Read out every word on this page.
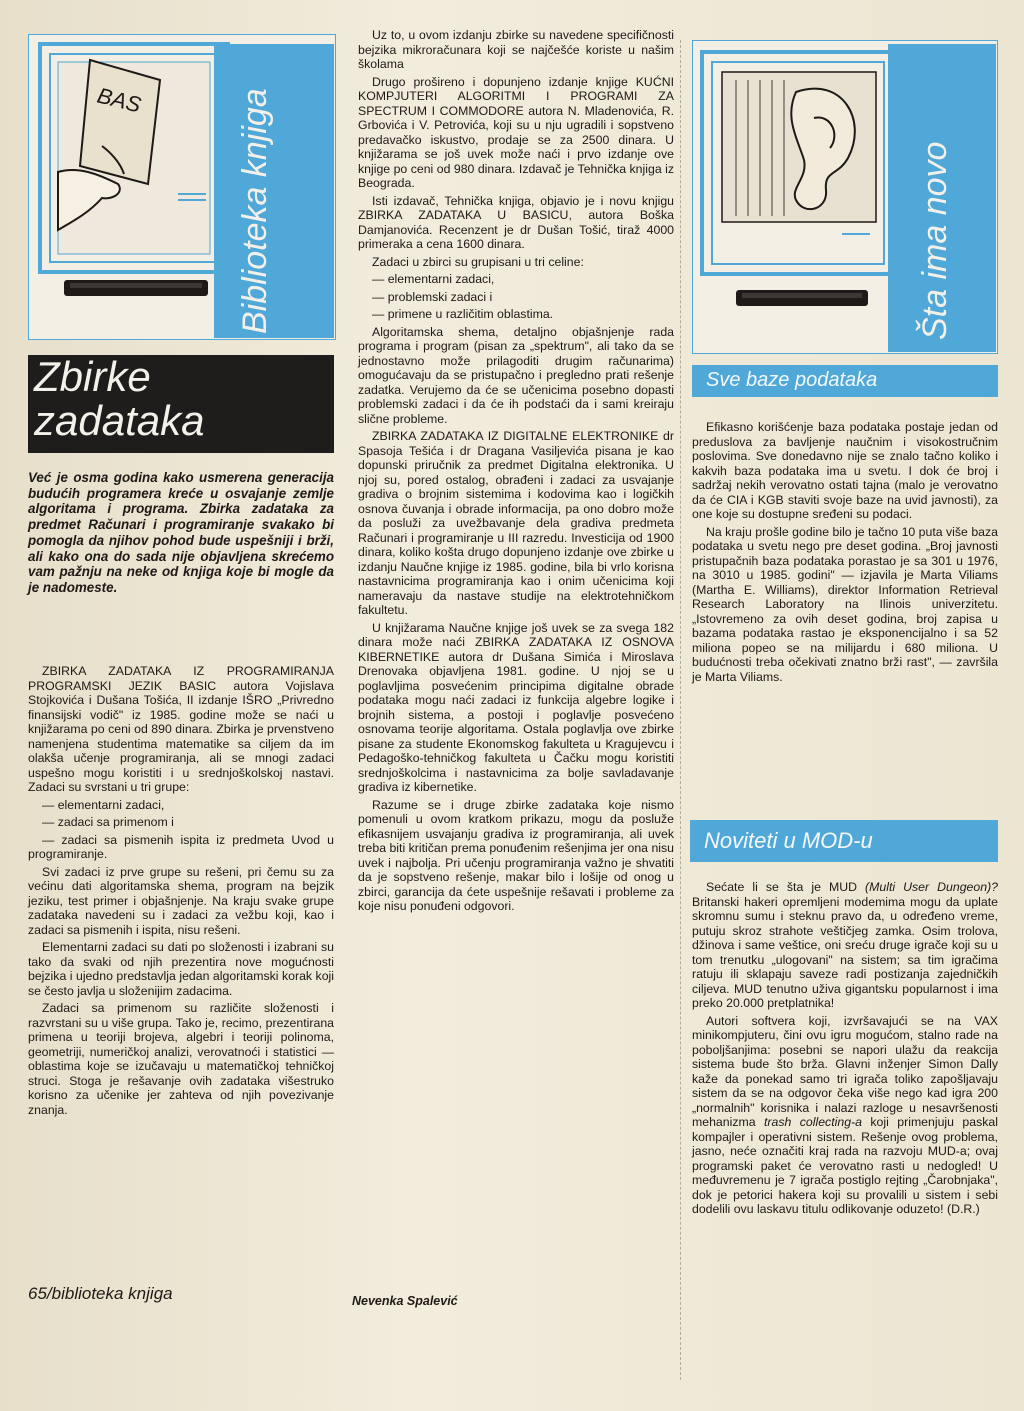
BAS	Biblioteka knjiga
Zbirke
zadataka
Već je osma godina kako usmerena generacija budućih programera kreće u osvajanje zemlje algoritama i programa. Zbirka zadataka za predmet Računari i programiranje svakako bi pomogla da njihov pohod bude uspešniji i brži, ali kako ona do sada nije objavljena skrećemo vam pažnju na neke od knjiga koje bi mogle da je nadomeste.

ZBIRKA ZADATAKA IZ PROGRAMIRANJA PROGRAMSKI JEZIK BASIC autora Vojislava Stojkovića i Dušana Tošića, II izdanje IŠRO „Privredno finansijski vodič" iz 1985. godine može se naći u knjižarama po ceni od 890 dinara. Zbirka je prvenstveno namenjena studentima matematike sa ciljem da im olakša učenje programiranja, ali se mnogi zadaci uspešno mogu koristiti i u srednjoškolskoj nastavi. Zadaci su svrstani u tri grupe:

— elementarni zadaci,

— zadaci sa primenom i

— zadaci sa pismenih ispita iz predmeta Uvod u programiranje.

Svi zadaci iz prve grupe su rešeni, pri čemu su za većinu dati algoritamska shema, program na bejzik jeziku, test primer i objašnjenje. Na kraju svake grupe zadataka navedeni su i zadaci za vežbu koji, kao i zadaci sa pismenih i ispita, nisu rešeni.

Elementarni zadaci su dati po složenosti i izabrani su tako da svaki od njih prezentira nove mogućnosti bejzika i ujedno predstavlja jedan algoritamski korak koji se često javlja u složenijim zadacima.

Zadaci sa primenom su različite složenosti i razvrstani su u više grupa. Tako je, recimo, prezentirana primena u teoriji brojeva, algebri i teoriji polinoma, geometriji, numeričkoj analizi, verovatnoći i statistici — oblastima koje se izučavaju u matematičkoj tehničkoj struci. Stoga je rešavanje ovih zadataka višestruko korisno za učenike jer zahteva od njih povezivanje znanja.

Uz to, u ovom izdanju zbirke su navedene specifičnosti bejzika mikroračunara koji se najčešće koriste u našim školama

Drugo prošireno i dopunjeno izdanje knjige KUĆNI KOMPJUTERI ALGORITMI I PROGRAMI ZA SPECTRUM I COMMODORE autora N. Mladenovića, R. Grbovića i V. Petrovića, koji su u nju ugradili i sopstveno predavačko iskustvo, prodaje se za 2500 dinara. U knjižarama se još uvek može naći i prvo izdanje ove knjige po ceni od 980 dinara. Izdavač je Tehnička knjiga iz Beograda.

Isti izdavač, Tehnička knjiga, objavio je i novu knjigu ZBIRKA ZADATAKA U BASICU, autora Boška Damjanovića. Recenzent je dr Dušan Tošić, tiraž 4000 primeraka a cena 1600 dinara.

Zadaci u zbirci su grupisani u tri celine:

— elementarni zadaci,

— problemski zadaci i

— primene u različitim oblastima.

Algoritamska shema, detaljno objašnjenje rada programa i program (pisan za „spektrum", ali tako da se jednostavno može prilagoditi drugim računarima) omogućavaju da se pristupačno i pregledno prati rešenje zadatka. Verujemo da će se učenicima posebno dopasti problemski zadaci i da će ih podstaći da i sami kreiraju slične probleme.

ZBIRKA ZADATAKA IZ DIGITALNE ELEKTRONIKE dr Spasoja Tešića i dr Dragana Vasiljevića pisana je kao dopunski priručnik za predmet Digitalna elektronika. U njoj su, pored ostalog, obrađeni i zadaci za usvajanje gradiva o brojnim sistemima i kodovima kao i logičkih osnova čuvanja i obrade informacija, pa ono dobro može da posluži za uvežbavanje dela gradiva predmeta Računari i programiranje u III razredu. Investicija od 1900 dinara, koliko košta drugo dopunjeno izdanje ove zbirke u izdanju Naučne knjige iz 1985. godine, bila bi vrlo korisna nastavnicima programiranja kao i onim učenicima koji nameravaju da nastave studije na elektrotehničkom fakultetu.

U knjižarama Naučne knjige još uvek se za svega 182 dinara može naći ZBIRKA ZADATAKA IZ OSNOVA KIBERNETIKE autora dr Dušana Simića i Miroslava Drenovaka objavljena 1981. godine. U njoj se u poglavljima posvećenim principima digitalne obrade podataka mogu naći zadaci iz funkcija algebre logike i brojnih sistema, a postoji i poglavlje posvećeno osnovama teorije algoritama. Ostala poglavlja ove zbirke pisane za studente Ekonomskog fakulteta u Kragujevcu i Pedagoško-tehničkog fakulteta u Čačku mogu koristiti srednjoškolcima i nastavnicima za bolje savladavanje gradiva iz kibernetike.

Razume se i druge zbirke zadataka koje nismo pomenuli u ovom kratkom prikazu, mogu da posluže efikasnijem usvajanju gradiva iz programiranja, ali uvek treba biti kritičan prema ponuđenim rešenjima jer ona nisu uvek i najbolja. Pri učenju programiranja važno je shvatiti da je sopstveno rešenje, makar bilo i lošije od onog u zbirci, garancija da ćete uspešnije rešavati i probleme za koje nisu ponuđeni odgovori.

Šta ima novo
Sve baze podataka

Efikasno korišćenje baza podataka postaje jedan od preduslova za bavljenje naučnim i visokostručnim poslovima. Sve donedavno nije se znalo tačno koliko i kakvih baza podataka ima u svetu. I dok će broj i sadržaj nekih verovatno ostati tajna (malo je verovatno da će CIA i KGB staviti svoje baze na uvid javnosti), za one koje su dostupne sređeni su podaci.

Na kraju prošle godine bilo je tačno 10 puta više baza podataka u svetu nego pre deset godina. „Broj javnosti pristupačnih baza podataka porastao je sa 301 u 1976, na 3010 u 1985. godini" — izjavila je Marta Viliams (Martha E. Williams), direktor Information Retrieval Research Laboratory na Ilinois univerzitetu. „Istovremeno za ovih deset godina, broj zapisa u bazama podataka rastao je eksponencijalno i sa 52 miliona popeo se na milijardu i 680 miliona. U budućnosti treba očekivati znatno brži rast", — završila je Marta Viliams.

Noviteti u MOD-u

Sećate li se šta je MUD (Multi User Dungeon)? Britanski hakeri opremljeni modemima mogu da uplate skromnu sumu i steknu pravo da, u određeno vreme, putuju skroz strahote veštičjeg zamka. Osim trolova, džinova i same veštice, oni sreću druge igrače koji su u tom trenutku „ulogovani" na sistem; sa tim igračima ratuju ili sklapaju saveze radi postizanja zajedničkih ciljeva. MUD tenutno uživa gigantsku popularnost i ima preko 20.000 pretplatnika!

Autori softvera koji, izvršavajući se na VAX minikompjuteru, čini ovu igru mogućom, stalno rade na poboljšanjima: posebni se napori ulažu da reakcija sistema bude što brža. Glavni inženjer Simon Dally kaže da ponekad samo tri igrača toliko zapošljavaju sistem da se na odgovor čeka više nego kad igra 200 „normalnih" korisnika i nalazi razloge u nesavršenosti mehanizma trash collecting-a koji primenjuju paskal kompajler i operativni sistem. Rešenje ovog problema, jasno, neće označiti kraj rada na razvoju MUD-a; ovaj programski paket će verovatno rasti u nedogled! U međuvremenu je 7 igrača postiglo rejting „Čarobnjaka", dok je petorici hakera koji su provalili u sistem i sebi dodelili ovu laskavu titulu odlikovanje oduzeto! (D.R.)

65/biblioteka knjiga	Nevenka Spalević
